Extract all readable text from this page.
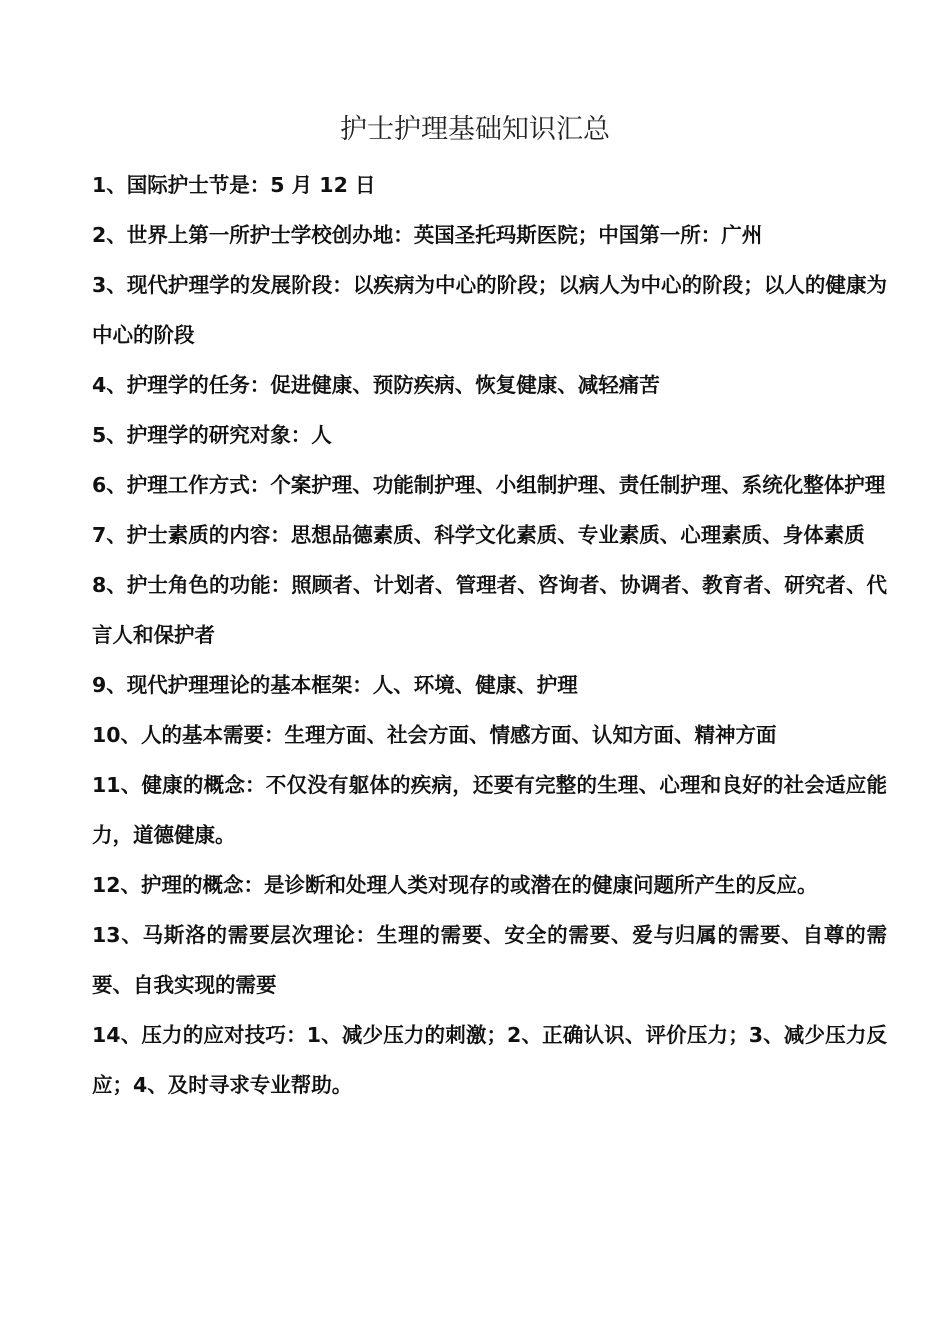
护士护理基础知识汇总

1、国际护士节是：5 月 12 日

2、世界上第一所护士学校创办地：英国圣托玛斯医院；中国第一所：广州

3、现代护理学的发展阶段：以疾病为中心的阶段；以病人为中心的阶段；以人的健康为中心的阶段

4、护理学的任务：促进健康、预防疾病、恢复健康、减轻痛苦

5、护理学的研究对象：人

6、护理工作方式：个案护理、功能制护理、小组制护理、责任制护理、系统化整体护理

7、护士素质的内容：思想品德素质、科学文化素质、专业素质、心理素质、身体素质

8、护士角色的功能：照顾者、计划者、管理者、咨询者、协调者、教育者、研究者、代言人和保护者

9、现代护理理论的基本框架：人、环境、健康、护理

10、人的基本需要：生理方面、社会方面、情感方面、认知方面、精神方面

11、健康的概念：不仅没有躯体的疾病，还要有完整的生理、心理和良好的社会适应能力，道德健康。

12、护理的概念：是诊断和处理人类对现存的或潜在的健康问题所产生的反应。

13、马斯洛的需要层次理论：生理的需要、安全的需要、爱与归属的需要、自尊的需要、自我实现的需要

14、压力的应对技巧：1、减少压力的刺激；2、正确认识、评价压力；3、减少压力反应；4、及时寻求专业帮助。
